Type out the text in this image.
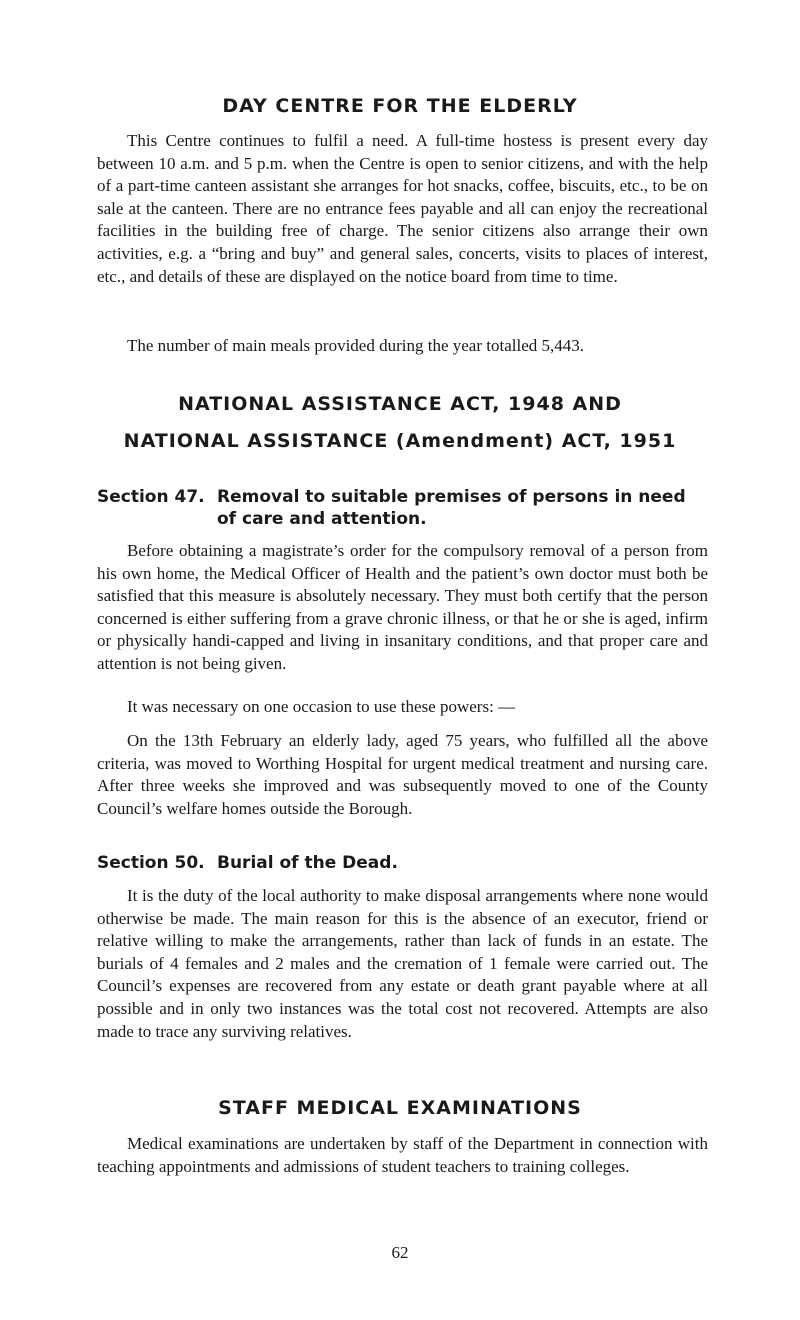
DAY CENTRE FOR THE ELDERLY

This Centre continues to fulfil a need. A full-time hostess is present every day between 10 a.m. and 5 p.m. when the Centre is open to senior citizens, and with the help of a part-time canteen assistant she arranges for hot snacks, coffee, biscuits, etc., to be on sale at the canteen. There are no entrance fees payable and all can enjoy the recreational facilities in the building free of charge. The senior citizens also arrange their own activities, e.g. a “bring and buy” and general sales, concerts, visits to places of interest, etc., and details of these are displayed on the notice board from time to time.

The number of main meals provided during the year totalled 5,443.

NATIONAL ASSISTANCE ACT, 1948 AND
NATIONAL ASSISTANCE (Amendment) ACT, 1951
Section 47. Removal to suitable premises of persons in need of care and attention.

Before obtaining a magistrate’s order for the compulsory removal of a person from his own home, the Medical Officer of Health and the patient’s own doctor must both be satisfied that this measure is absolutely necessary. They must both certify that the person concerned is either suffering from a grave chronic illness, or that he or she is aged, infirm or physically handi-capped and living in insanitary conditions, and that proper care and attention is not being given.

It was necessary on one occasion to use these powers: —

On the 13th February an elderly lady, aged 75 years, who fulfilled all the above criteria, was moved to Worthing Hospital for urgent medical treatment and nursing care. After three weeks she improved and was subsequently moved to one of the County Council’s welfare homes outside the Borough.

Section 50. Burial of the Dead.

It is the duty of the local authority to make disposal arrangements where none would otherwise be made. The main reason for this is the absence of an executor, friend or relative willing to make the arrangements, rather than lack of funds in an estate. The burials of 4 females and 2 males and the cremation of 1 female were carried out. The Council’s expenses are recovered from any estate or death grant payable where at all possible and in only two instances was the total cost not recovered. Attempts are also made to trace any surviving relatives.

STAFF MEDICAL EXAMINATIONS

Medical examinations are undertaken by staff of the Department in connection with teaching appointments and admissions of student teachers to training colleges.

62
